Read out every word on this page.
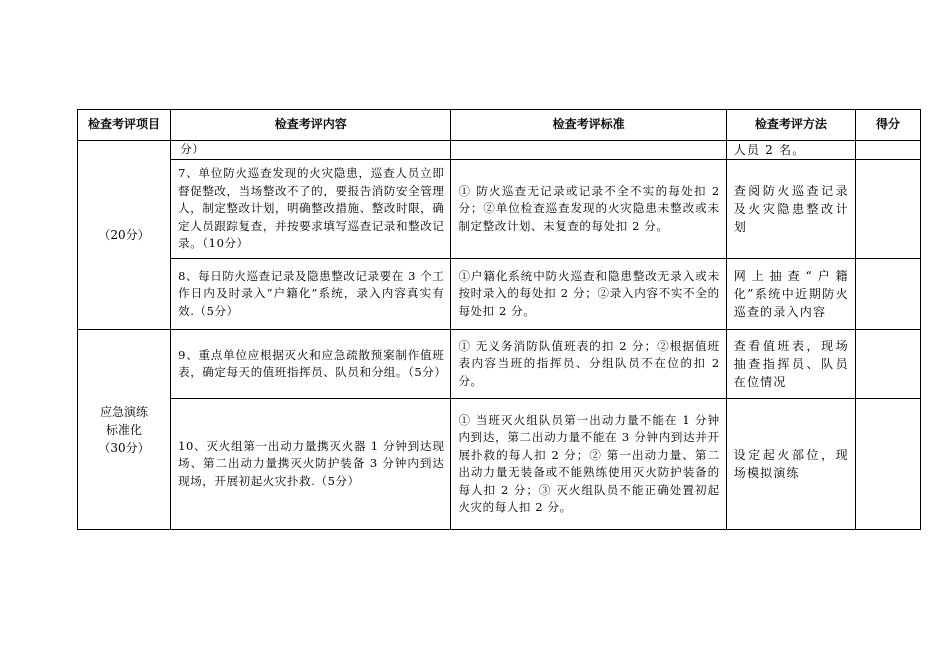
检查考评项目	检查考评内容	检查考评标准	检查考评方法	得分
（20分）	分）		人员 2 名。	
	7、单位防火巡查发现的火灾隐患，巡查人员立即督促整改，当场整改不了的，要报告消防安全管理人，制定整改计划，明确整改措施、整改时限，确定人员跟踪复查，并按要求填写巡查记录和整改记录。（10分）	① 防火巡查无记录或记录不全不实的每处扣 2 分；②单位检查巡查发现的火灾隐患未整改或未制定整改计划、未复查的每处扣 2 分。	查阅防火巡查记录及火灾隐患整改计划	
	8、每日防火巡查记录及隐患整改记录要在 3 个工作日内及时录入“户籍化”系统，录入内容真实有效.（5分）	①户籍化系统中防火巡查和隐患整改无录入或未按时录入的每处扣 2 分；②录入内容不实不全的每处扣 2 分。	网上抽查“户籍化”系统中近期防火巡查的录入内容	

应急演练
标准化
（30分）	9、重点单位应根据灭火和应急疏散预案制作值班表，确定每天的值班指挥员、队员和分组。（5分）	① 无义务消防队值班表的扣 2 分；②根据值班表内容当班的指挥员、分组队员不在位的扣 2 分。	查看值班表，现场抽查指挥员、队员在位情况	
	10、灭火组第一出动力量携灭火器 1 分钟到达现场、第二出动力量携灭火防护装备 3 分钟内到达现场，开展初起火灾扑救.（5分）	① 当班灭火组队员第一出动力量不能在 1 分钟内到达，第二出动力量不能在 3 分钟内到达并开展扑救的每人扣 2 分；② 第一出动力量、第二出动力量无装备或不能熟练使用灭火防护装备的每人扣 2 分；③ 灭火组队员不能正确处置初起火灾的每人扣 2 分。	设定起火部位，现场模拟演练	
